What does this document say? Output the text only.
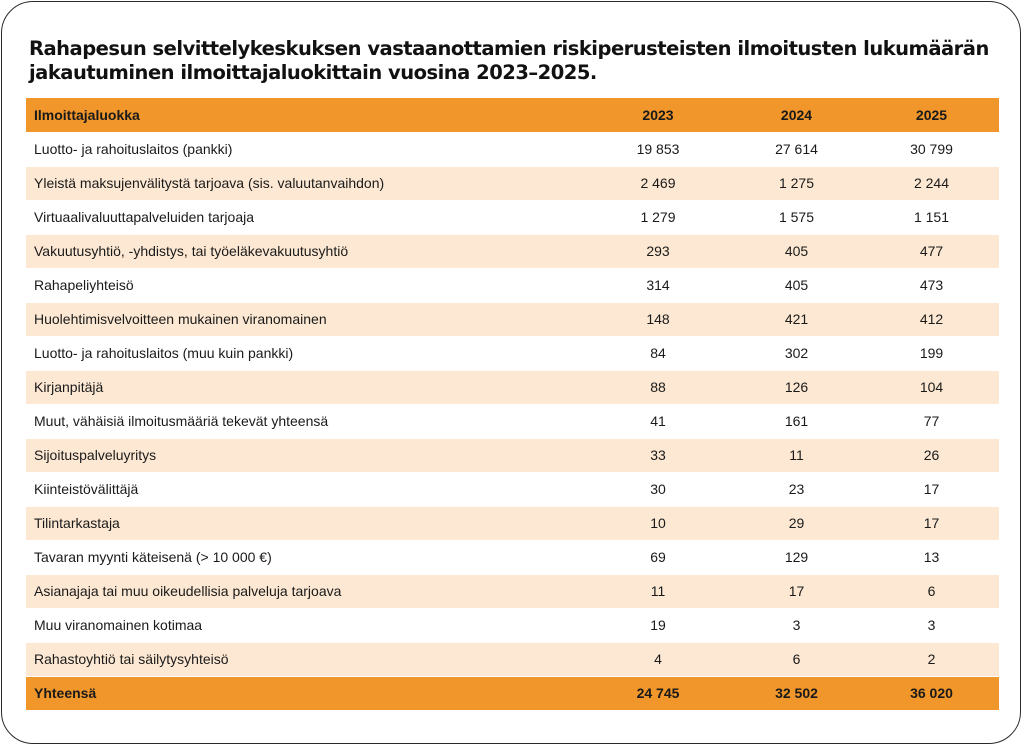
Rahapesun selvittelykeskuksen vastaanottamien riskiperusteisten ilmoitusten lukumäärän jakautuminen ilmoittajaluokittain vuosina 2023–2025.
Ilmoittajaluokka	2023	2024	2025
Luotto- ja rahoituslaitos (pankki)	19 853	27 614	30 799
Yleistä maksujenvälitystä tarjoava (sis. valuutanvaihdon)	2 469	1 275	2 244
Virtuaalivaluuttapalveluiden tarjoaja	1 279	1 575	1 151
Vakuutusyhtiö, -yhdistys, tai työeläkevakuutusyhtiö	293	405	477
Rahapeliyhteisö	314	405	473
Huolehtimisvelvoitteen mukainen viranomainen	148	421	412
Luotto- ja rahoituslaitos (muu kuin pankki)	84	302	199
Kirjanpitäjä	88	126	104
Muut, vähäisiä ilmoitusmääriä tekevät yhteensä	41	161	77
Sijoituspalveluyritys	33	11	26
Kiinteistövälittäjä	30	23	17
Tilintarkastaja	10	29	17
Tavaran myynti käteisenä (> 10 000 €)	69	129	13
Asianajaja tai muu oikeudellisia palveluja tarjoava	11	17	6
Muu viranomainen kotimaa	19	3	3
Rahastoyhtiö tai säilytysyhteisö	4	6	2
Yhteensä	24 745	32 502	36 020
